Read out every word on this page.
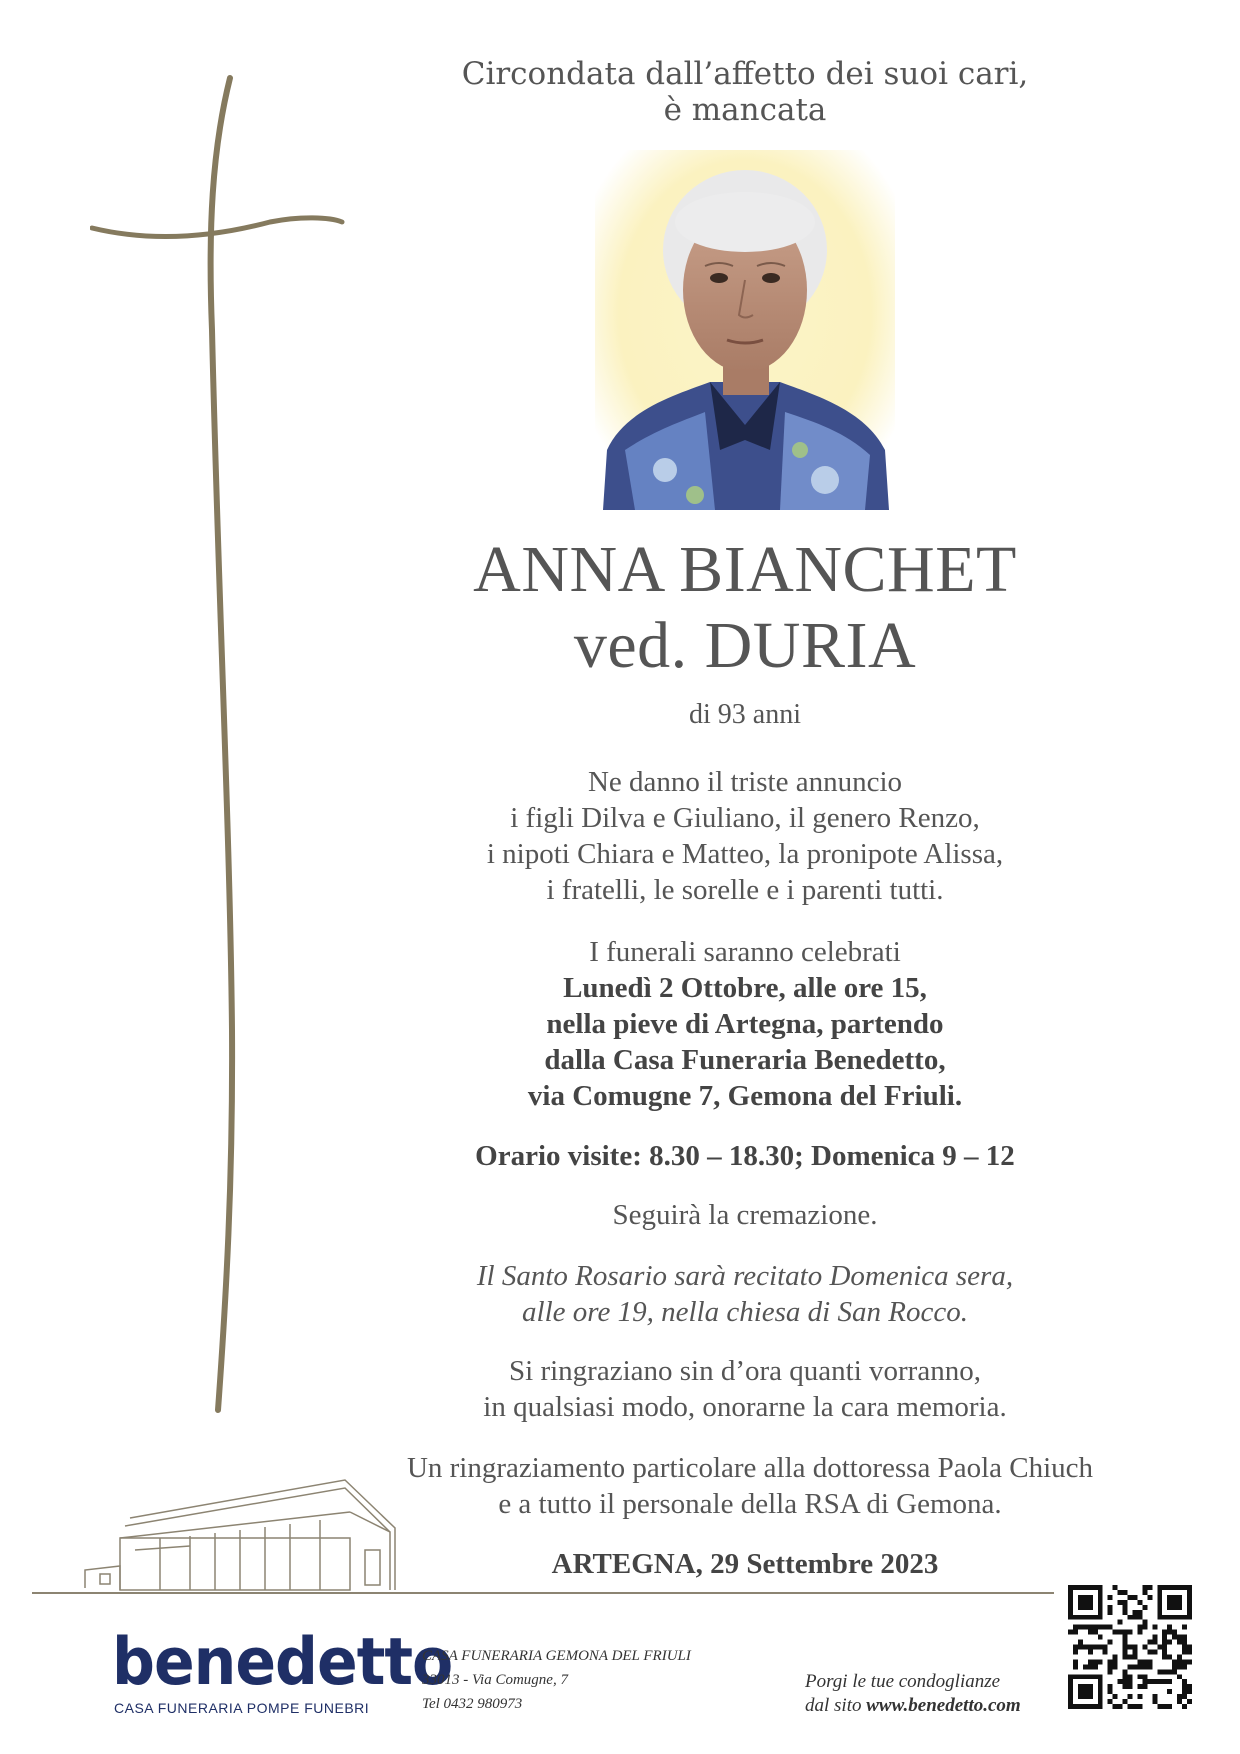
Circondata dall’affetto dei suoi cari,
è mancata
ANNA BIANCHET
ved. DURIA
di 93 anni
Ne danno il triste annuncio
i figli Dilva e Giuliano, il genero Renzo,
i nipoti Chiara e Matteo, la pronipote Alissa,
i fratelli, le sorelle e i parenti tutti.
I funerali saranno celebrati
Lunedì 2 Ottobre, alle ore 15,
nella pieve di Artegna, partendo
dalla Casa Funeraria Benedetto,
via Comugne 7, Gemona del Friuli.
Orario visite: 8.30 – 18.30; Domenica 9 – 12
Seguirà la cremazione.
Il Santo Rosario sarà recitato Domenica sera,
alle ore 19, nella chiesa di San Rocco.
Si ringraziano sin d’ora quanti vorranno,
in qualsiasi modo, onorarne la cara memoria.
Un ringraziamento particolare alla dottoressa Paola Chiuch
e a tutto il personale della RSA di Gemona.
ARTEGNA, 29 Settembre 2023
benedetto
CASA FUNERARIA POMPE FUNEBRI
CASA FUNERARIA GEMONA DEL FRIULI
33013 - Via Comugne, 7
Tel 0432 980973
Porgi le tue condoglianze
dal sito www.benedetto.com
